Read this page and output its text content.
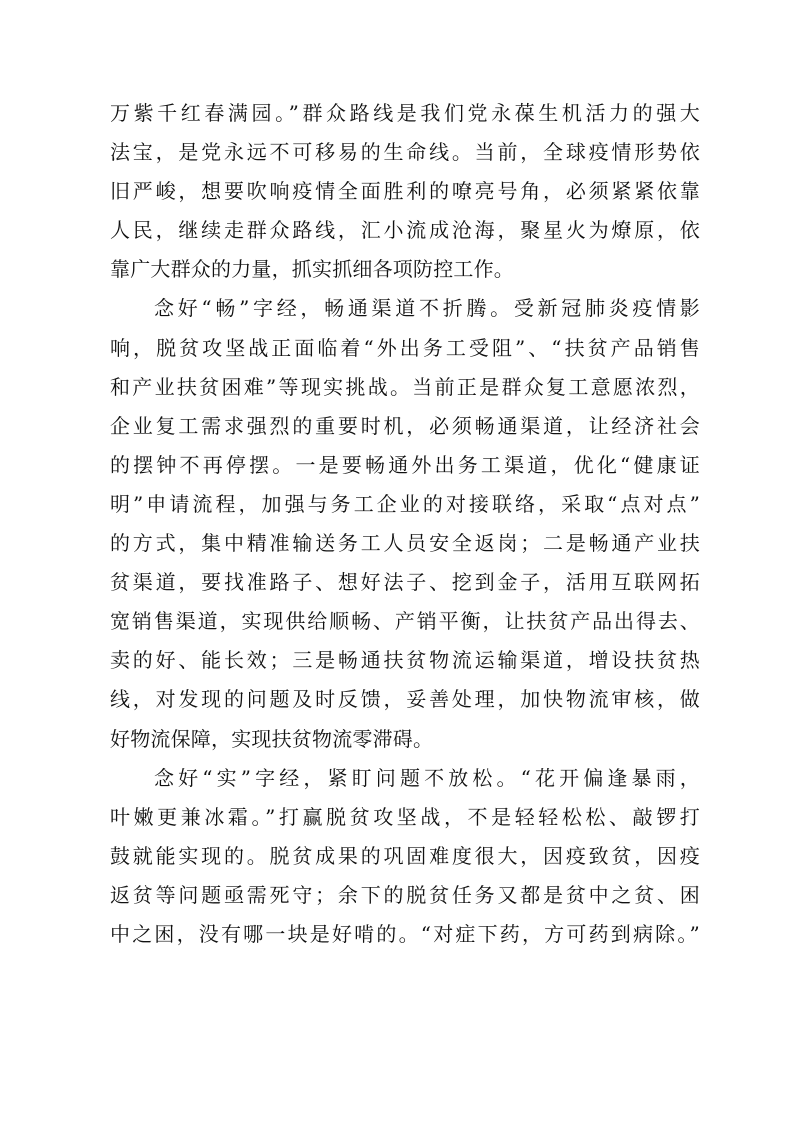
万紫千红春满园。”群众路线是我们党永葆生机活力的强大
法宝，是党永远不可移易的生命线。当前，全球疫情形势依
旧严峻，想要吹响疫情全面胜利的嘹亮号角，必须紧紧依靠
人民，继续走群众路线，汇小流成沧海，聚星火为燎原，依
靠广大群众的力量，抓实抓细各项防控工作。
念好“畅”字经，畅通渠道不折腾。受新冠肺炎疫情影
响，脱贫攻坚战正面临着“外出务工受阻”、“扶贫产品销售
和产业扶贫困难”等现实挑战。当前正是群众复工意愿浓烈，
企业复工需求强烈的重要时机，必须畅通渠道，让经济社会
的摆钟不再停摆。一是要畅通外出务工渠道，优化“健康证
明”申请流程，加强与务工企业的对接联络，采取“点对点”
的方式，集中精准输送务工人员安全返岗；二是畅通产业扶
贫渠道，要找准路子、想好法子、挖到金子，活用互联网拓
宽销售渠道，实现供给顺畅、产销平衡，让扶贫产品出得去、
卖的好、能长效；三是畅通扶贫物流运输渠道，增设扶贫热
线，对发现的问题及时反馈，妥善处理，加快物流审核，做
好物流保障，实现扶贫物流零滞碍。
念好“实”字经，紧盯问题不放松。“花开偏逢暴雨，
叶嫩更兼冰霜。”打赢脱贫攻坚战，不是轻轻松松、敲锣打
鼓就能实现的。脱贫成果的巩固难度很大，因疫致贫，因疫
返贫等问题亟需死守；余下的脱贫任务又都是贫中之贫、困
中之困，没有哪一块是好啃的。“对症下药，方可药到病除。”
